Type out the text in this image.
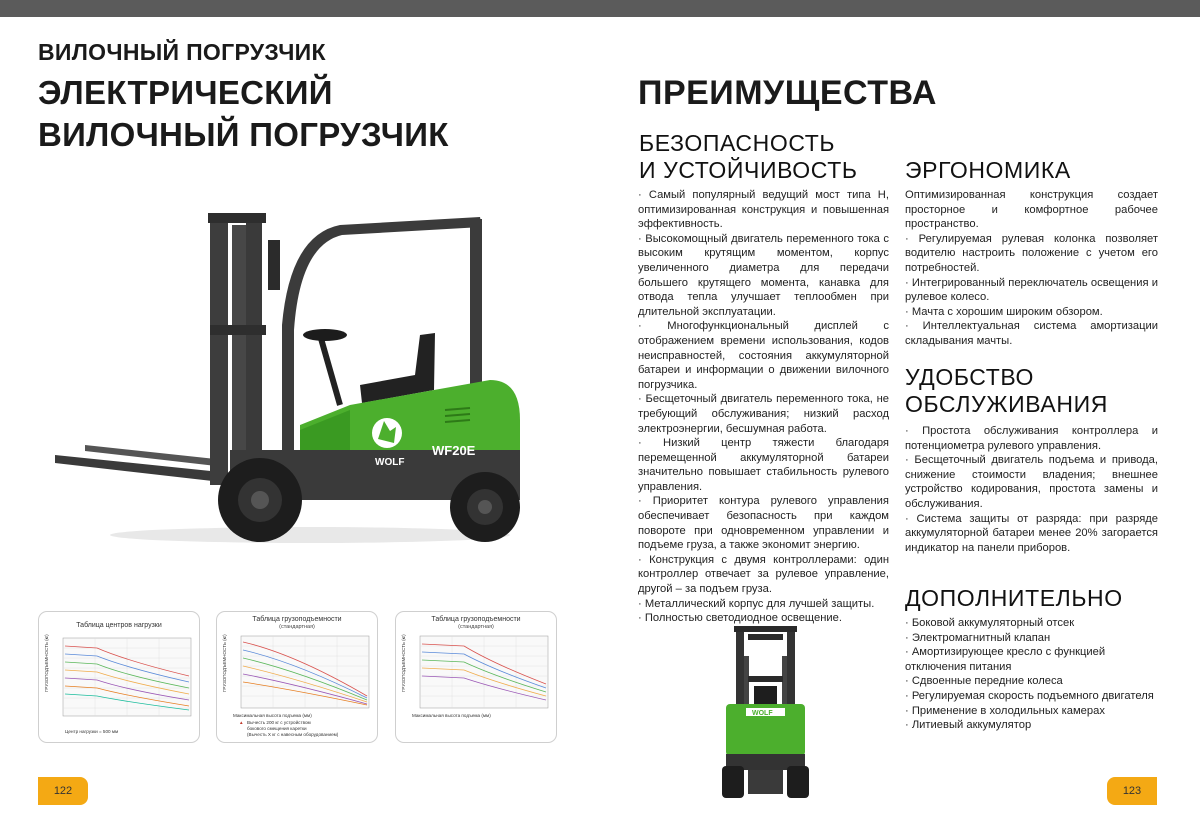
ВИЛОЧНЫЙ ПОГРУЗЧИК
ЭЛЕКТРИЧЕСКИЙ
ВИЛОЧНЫЙ ПОГРУЗЧИК
WOLF
WF20E
Таблица центров нагрузки
ГРУЗОПОДЪЕМНОСТЬ (кг)
Центр нагрузки = 500 мм
Таблица грузоподъемности
(стандартная)
ГРУЗОПОДЪЕМНОСТЬ (кг)
Максимальная высота подъема (мм)
▲ Вычесть 200 кг с устройством
бокового смещения каретки
(Вычесть X кг с навесным оборудованием)
Таблица грузоподъемности
(стандартная)
ГРУЗОПОДЪЕМНОСТЬ (кг)
Максимальная высота подъема (мм)
122
ПРЕИМУЩЕСТВА
БЕЗОПАСНОСТЬ
И УСТОЙЧИВОСТЬ
· Самый популярный ведущий мост типа H, оптимизированная конструкция и повышенная эффективность.
· Высокомощный двигатель переменного тока с высоким крутящим моментом, корпус увеличенного диаметра для передачи большего крутящего момента, канавка для отвода тепла улучшает теплообмен при длительной эксплуатации.
· Многофункциональный дисплей с отображением времени использования, кодов неисправностей, состояния аккумуляторной батареи и информации о движении вилочного погрузчика.
· Бесщеточный двигатель переменного тока, не требующий обслуживания; низкий расход электроэнергии, бесшумная работа.
· Низкий центр тяжести благодаря перемещенной аккумуляторной батареи значительно повышает стабильность рулевого управления.
· Приоритет контура рулевого управления обеспечивает безопасность при каждом повороте при одновременном управлении и подъеме груза, а также экономит энергию.
· Конструкция с двумя контроллерами: один контроллер отвечает за рулевое управление, другой – за подъем груза.
· Металлический корпус для лучшей защиты.
· Полностью светодиодное освещение.
ЭРГОНОМИКА
Оптимизированная конструкция создает просторное и комфортное рабочее пространство.
· Регулируемая рулевая колонка позволяет водителю настроить положение с учетом его потребностей.
· Интегрированный переключатель освещения и рулевое колесо.
· Мачта с хорошим широким обзором.
· Интеллектуальная система амортизации складывания мачты.
УДОБСТВО
ОБСЛУЖИВАНИЯ
· Простота обслуживания контроллера и потенциометра рулевого управления.
· Бесщеточный двигатель подъема и привода, снижение стоимости владения; внешнее устройство кодирования, простота замены и обслуживания.
· Система защиты от разряда: при разряде аккумуляторной батареи менее 20% загорается индикатор на панели приборов.
ДОПОЛНИТЕЛЬНО
· Боковой аккумуляторный отсек
· Электромагнитный клапан
· Амортизирующее кресло с функцией отключения питания
· Сдвоенные передние колеса
· Регулируемая скорость подъемного двигателя
· Применение в холодильных камерах
· Литиевый аккумулятор
WOLF
123
